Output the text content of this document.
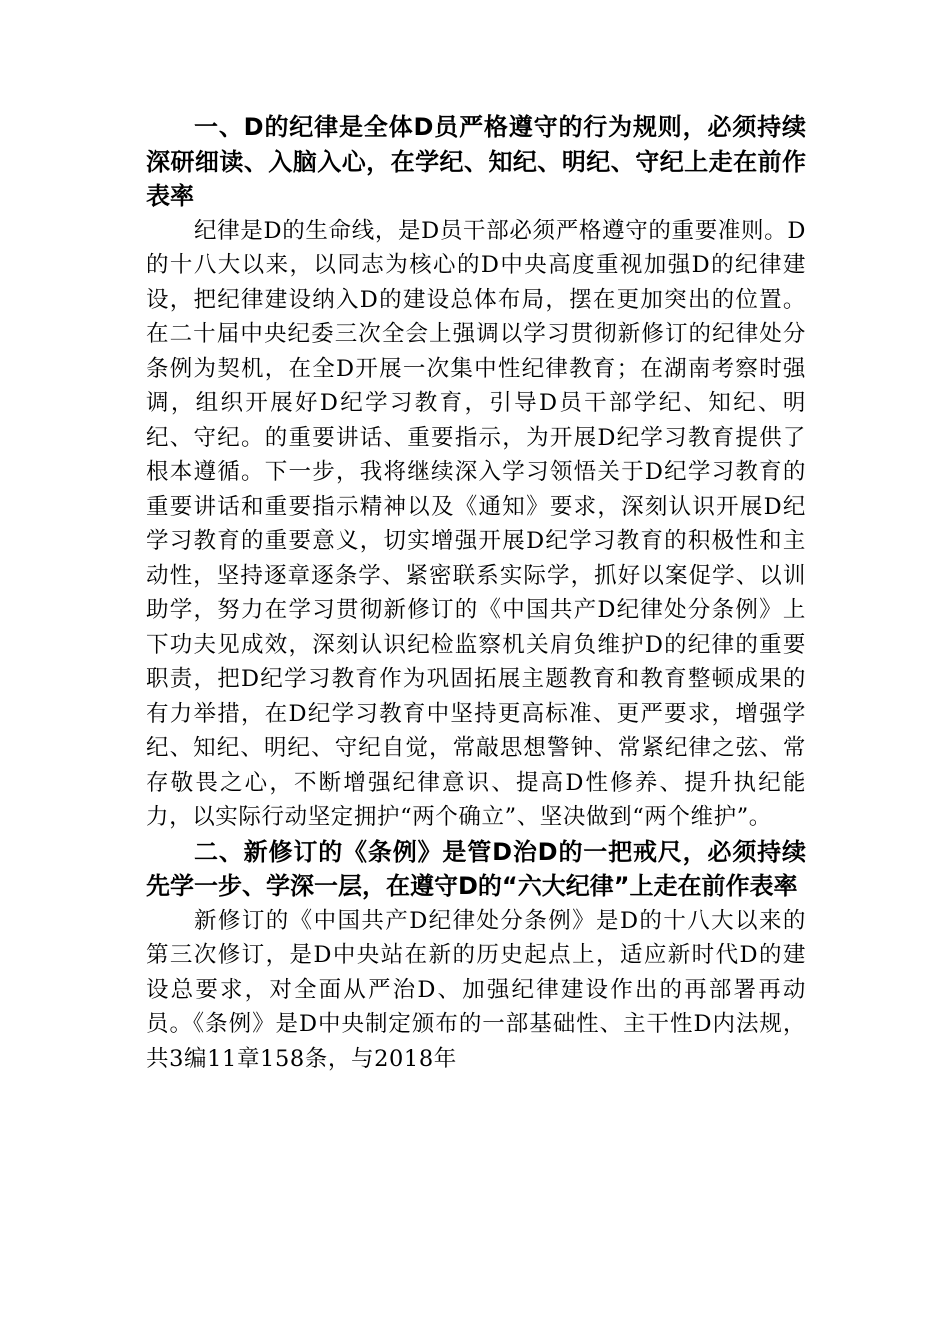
一、D的纪律是全体D员严格遵守的行为规则，必须持续深研细读、入脑入心，在学纪、知纪、明纪、守纪上走在前作表率

纪律是D的生命线，是D员干部必须严格遵守的重要准则。D的十八大以来，以同志为核心的D中央高度重视加强D的纪律建设，把纪律建设纳入D的建设总体布局，摆在更加突出的位置。在二十届中央纪委三次全会上强调以学习贯彻新修订的纪律处分条例为契机，在全D开展一次集中性纪律教育；在湖南考察时强调，组织开展好D纪学习教育，引导D员干部学纪、知纪、明纪、守纪。的重要讲话、重要指示，为开展D纪学习教育提供了根本遵循。下一步，我将继续深入学习领悟关于D纪学习教育的重要讲话和重要指示精神以及《通知》要求，深刻认识开展D纪学习教育的重要意义，切实增强开展D纪学习教育的积极性和主动性，坚持逐章逐条学、紧密联系实际学，抓好以案促学、以训助学，努力在学习贯彻新修订的《中国共产D纪律处分条例》上下功夫见成效，深刻认识纪检监察机关肩负维护D的纪律的重要职责，把D纪学习教育作为巩固拓展主题教育和教育整顿成果的有力举措，在D纪学习教育中坚持更高标准、更严要求，增强学纪、知纪、明纪、守纪自觉，常敲思想警钟、常紧纪律之弦、常存敬畏之心，不断增强纪律意识、提高D性修养、提升执纪能力，以实际行动坚定拥护“两个确立”、坚决做到“两个维护”。

二、新修订的《条例》是管D治D的一把戒尺，必须持续先学一步、学深一层，在遵守D的“六大纪律”上走在前作表率

新修订的《中国共产D纪律处分条例》是D的十八大以来的第三次修订，是D中央站在新的历史起点上，适应新时代D的建设总要求，对全面从严治D、加强纪律建设作出的再部署再动员。《条例》是D中央制定颁布的一部基础性、主干性D内法规，共3编11章158条，与2018年
